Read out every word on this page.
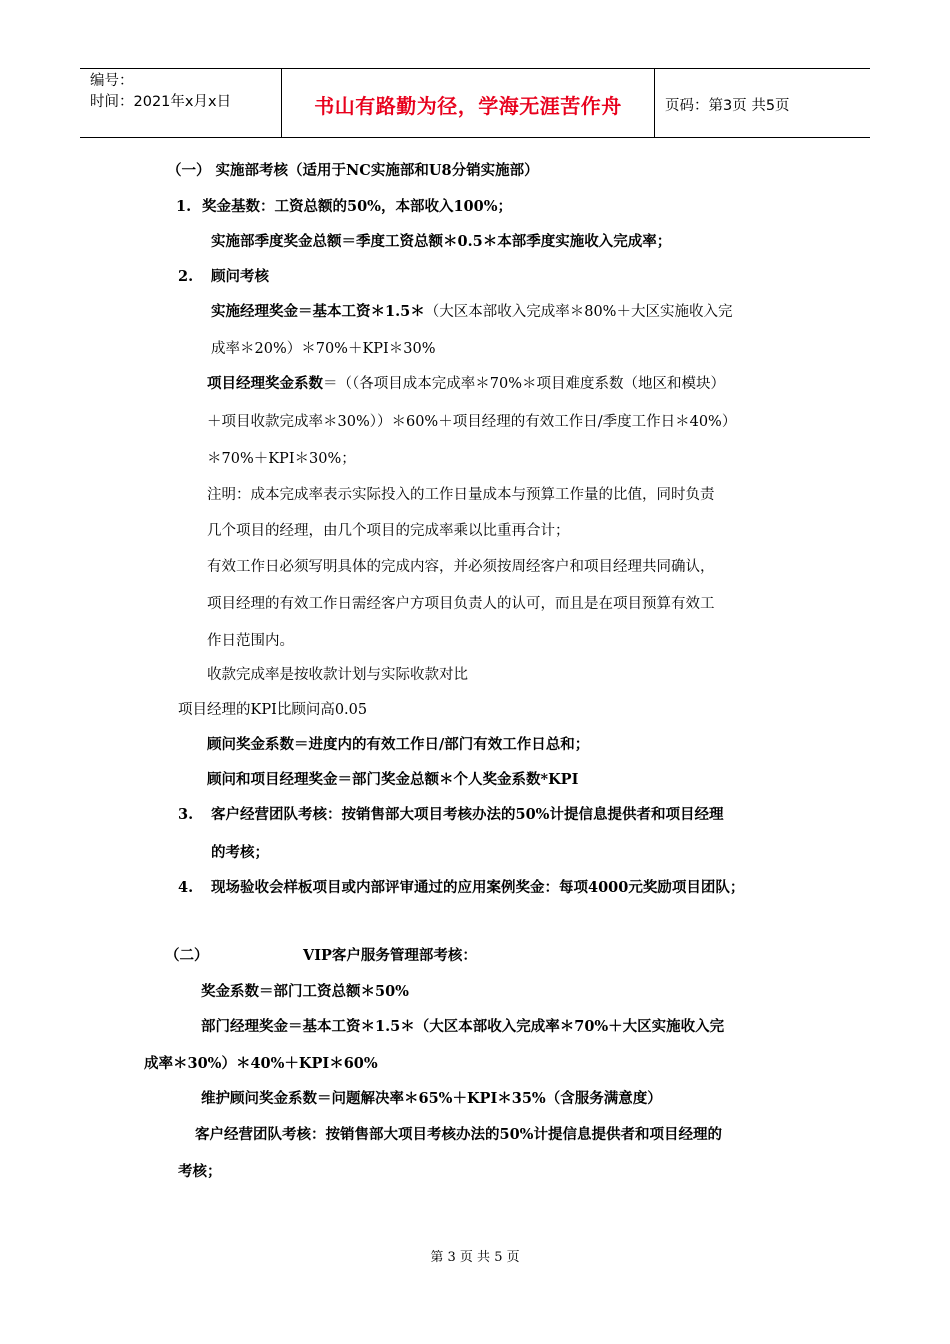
编号：
时间：2021年x月x日	书山有路勤为径，学海无涯苦作舟	页码：第3页 共5页
（一） 实施部考核（适用于NC实施部和U8分销实施部）
1. 奖金基数：工资总额的50%，本部收入100%；
实施部季度奖金总额＝季度工资总额＊0.5＊本部季度实施收入完成率；
2. 顾问考核
实施经理奖金＝基本工资＊1.5＊（大区本部收入完成率＊80%＋大区实施收入完
成率＊20%）＊70%＋KPI＊30%
项目经理奖金系数＝（（各项目成本完成率＊70%＊项目难度系数（地区和模块）
＋项目收款完成率＊30%））＊60%＋项目经理的有效工作日/季度工作日＊40%）
＊70%＋KPI＊30%；
注明：成本完成率表示实际投入的工作日量成本与预算工作量的比值，同时负责
几个项目的经理，由几个项目的完成率乘以比重再合计；
有效工作日必须写明具体的完成内容，并必须按周经客户和项目经理共同确认，
项目经理的有效工作日需经客户方项目负责人的认可，而且是在项目预算有效工
作日范围内。
收款完成率是按收款计划与实际收款对比
项目经理的KPI比顾问高0.05
顾问奖金系数＝进度内的有效工作日/部门有效工作日总和；
顾问和项目经理奖金＝部门奖金总额＊个人奖金系数*KPI
3. 客户经营团队考核：按销售部大项目考核办法的50%计提信息提供者和项目经理
的考核；
4. 现场验收会样板项目或内部评审通过的应用案例奖金：每项4000元奖励项目团队；
（二）	VIP客户服务管理部考核：
奖金系数＝部门工资总额＊50%
部门经理奖金＝基本工资＊1.5＊（大区本部收入完成率＊70%＋大区实施收入完
成率＊30%）＊40%＋KPI＊60%
维护顾问奖金系数＝问题解决率＊65%＋KPI＊35%（含服务满意度）
客户经营团队考核：按销售部大项目考核办法的50%计提信息提供者和项目经理的
考核；
第 3 页 共 5 页
